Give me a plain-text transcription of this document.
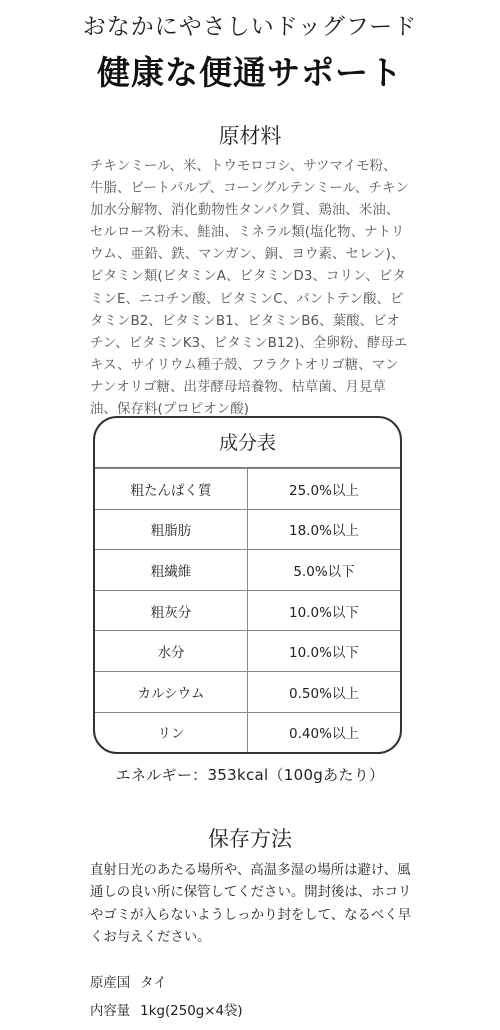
おなかにやさしいドッグフード
健康な便通サポート
原材料
チキンミール、米、トウモロコシ、サツマイモ粉、牛脂、ビートパルプ、コーングルテンミール、チキン加水分解物、消化動物性タンパク質、鶏油、米油、セルロース粉末、鮭油、ミネラル類(塩化物、ナトリウム、亜鉛、鉄、マンガン、銅、ヨウ素、セレン)、ビタミン類(ビタミンA、ビタミンD3、コリン、ビタミンE、ニコチン酸、ビタミンC、パントテン酸、ビタミンB2、ビタミンB1、ビタミンB6、葉酸、ビオチン、ビタミンK3、ビタミンB12)、全卵粉、酵母エキス、サイリウム種子殻、フラクトオリゴ糖、マンナンオリゴ糖、出芽酵母培養物、枯草菌、月見草油、保存料(プロピオン酸)
成分表
粗たんぱく質	25.0%以上
粗脂肪	18.0%以上
粗繊維	5.0%以下
粗灰分	10.0%以下
水分	10.0%以下
カルシウム	0.50%以上
リン	0.40%以上
エネルギー：353kcal（100gあたり）
保存方法
直射日光のあたる場所や、高温多湿の場所は避け、風通しの良い所に保管してください。開封後は、ホコリやゴミが入らないようしっかり封をして、なるべく早くお与えください。
原産国 タイ
内容量 1kg(250g×4袋)
